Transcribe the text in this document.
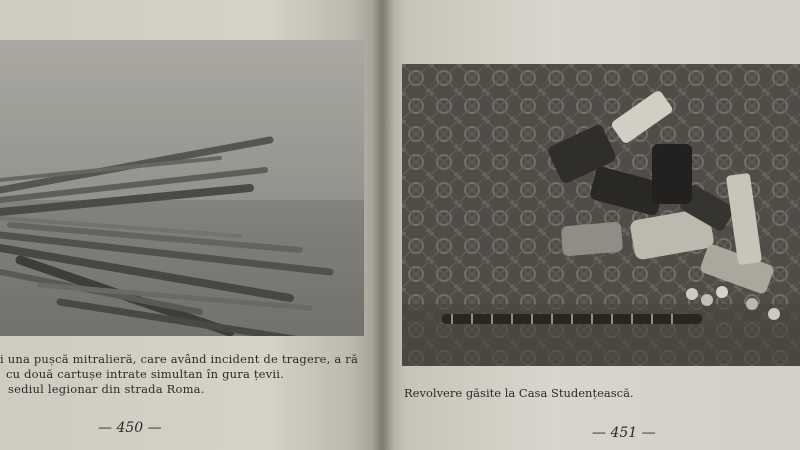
i una pușcă mitralieră, care având incident de tragere, a ră
cu două cartușe intrate simultan în gura țevii.
sediul legionar din strada Roma.
— 450 —
Revolvere găsite la Casa Studențească.
— 451 —
